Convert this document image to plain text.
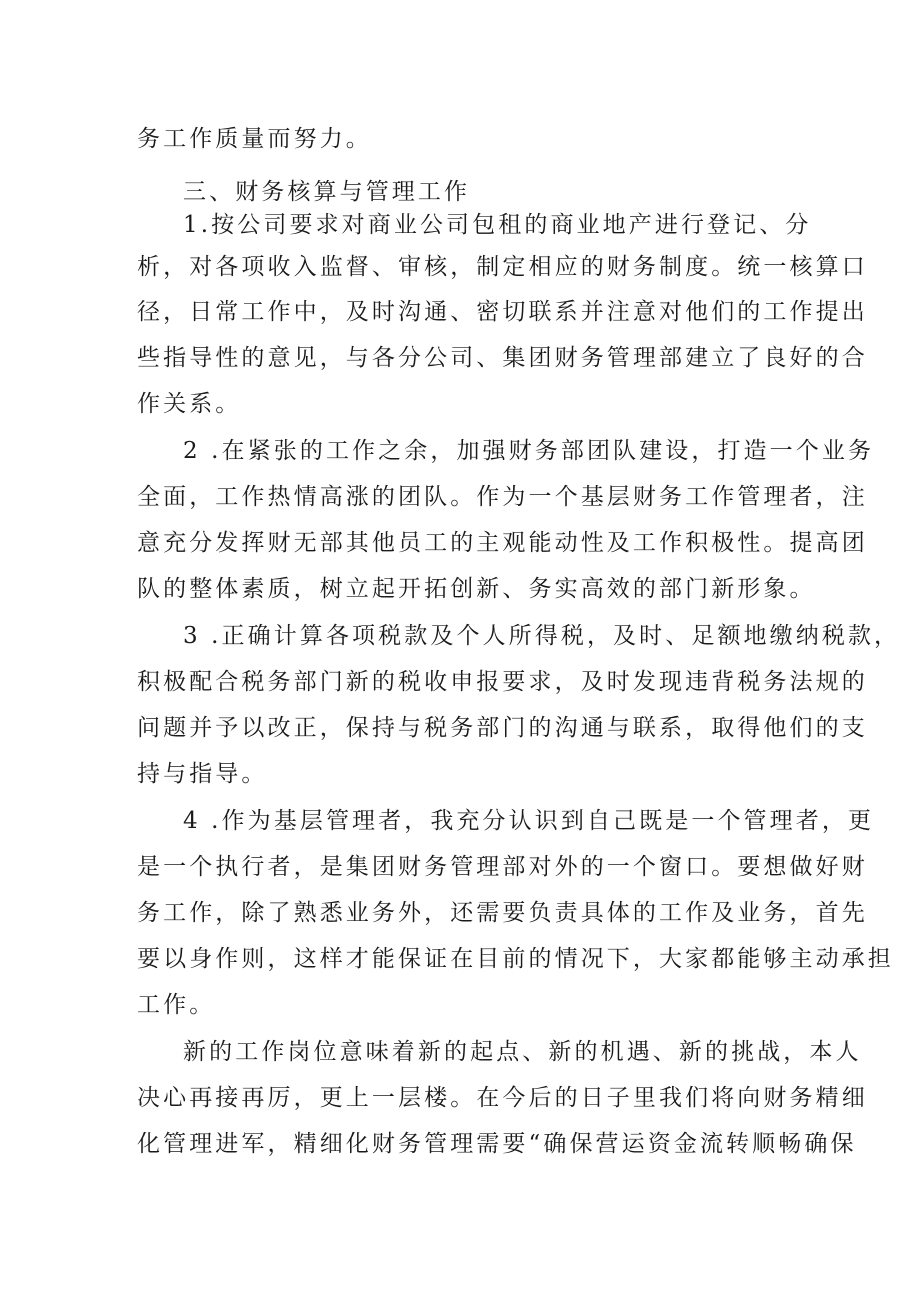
务工作质量而努力。
三、财务核算与管理工作
1.按公司要求对商业公司包租的商业地产进行登记、分
析，对各项收入监督、审核，制定相应的财务制度。统一核算口
径，日常工作中，及时沟通、密切联系并注意对他们的工作提出
些指导性的意见，与各分公司、集团财务管理部建立了良好的合
作关系。
2 .在紧张的工作之余，加强财务部团队建设，打造一个业务
全面，工作热情高涨的团队。作为一个基层财务工作管理者，注
意充分发挥财无部其他员工的主观能动性及工作积极性。提高团
队的整体素质，树立起开拓创新、务实高效的部门新形象。
3 .正确计算各项税款及个人所得税，及时、足额地缴纳税款，
积极配合税务部门新的税收申报要求，及时发现违背税务法规的
问题并予以改正，保持与税务部门的沟通与联系，取得他们的支
持与指导。
4 .作为基层管理者，我充分认识到自己既是一个管理者，更
是一个执行者，是集团财务管理部对外的一个窗口。要想做好财
务工作，除了熟悉业务外，还需要负责具体的工作及业务，首先
要以身作则，这样才能保证在目前的情况下，大家都能够主动承担
工作。
新的工作岗位意味着新的起点、新的机遇、新的挑战，本人
决心再接再厉，更上一层楼。在今后的日子里我们将向财务精细
化管理进军，精细化财务管理需要“确保营运资金流转顺畅确保
